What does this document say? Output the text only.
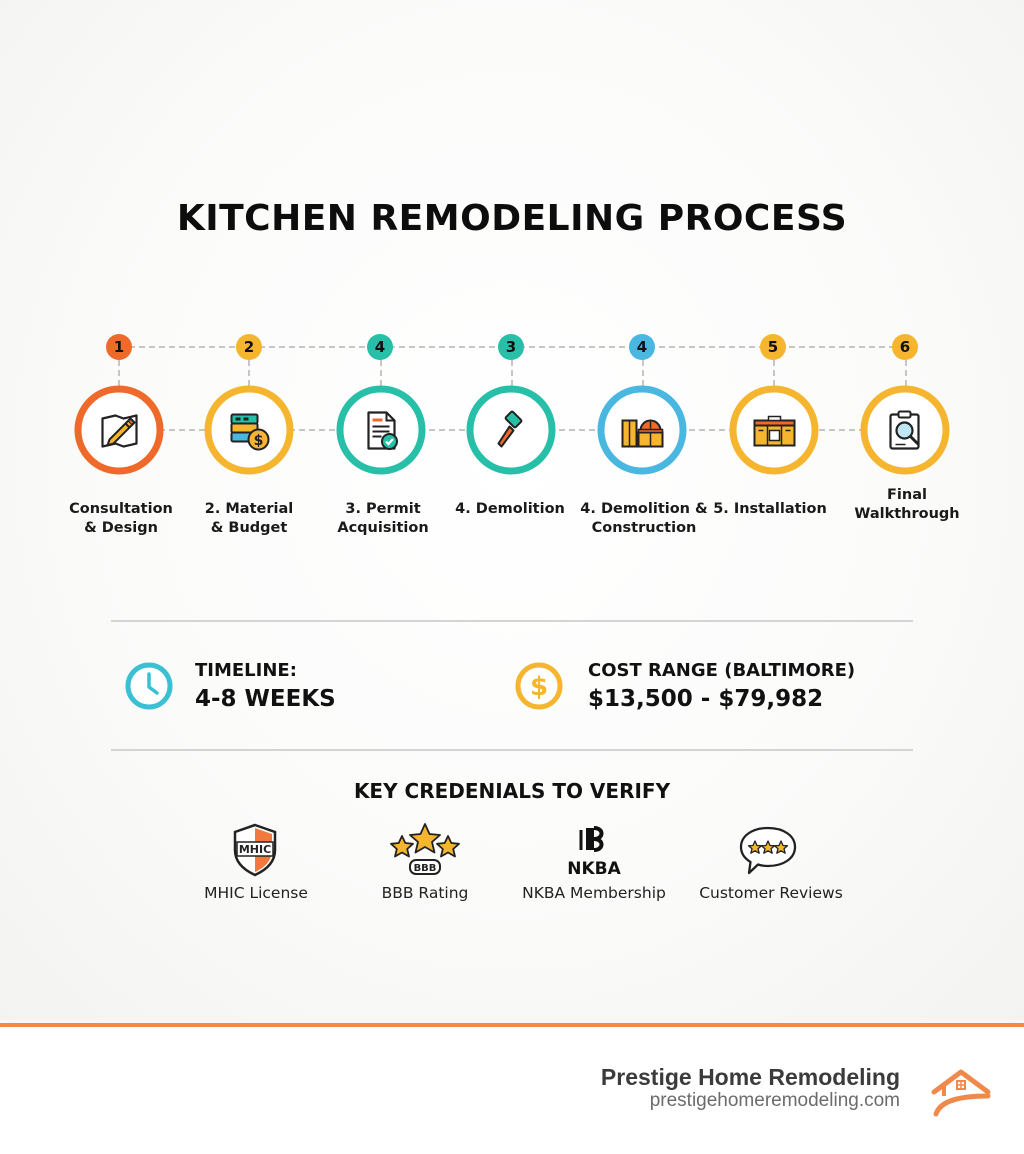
KITCHEN REMODELING PROCESS
1
Consultation
& Design
2
$
2. Material
& Budget
4
3. Permit
Acquisition
3
4. Demolition
4
4. Demolition &
Construction
5
5. Installation
6
Final
Walkthrough
TIMELINE:
4-8 WEEKS	$
COST RANGE (BALTIMORE)
$13,500 - $79,982
KEY CREDENIALS TO VERIFY
MHIC
MHIC License
BBB
BBB Rating
NKBA
NKBA Membership	Customer Reviews
Prestige Home Remodeling
prestigehomeremodeling.com
